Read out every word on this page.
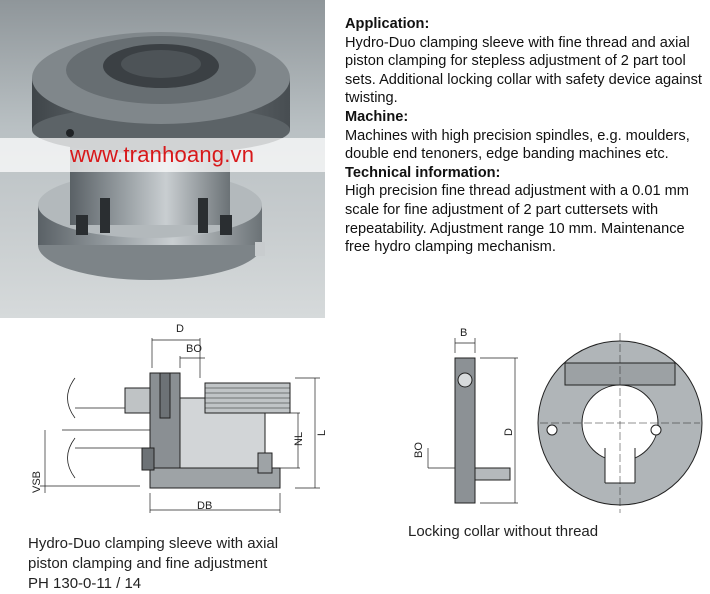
www.tranhoang.vn
Application:
Hydro-Duo clamping sleeve with fine thread and axial piston clamping for stepless adjustment of 2 part tool sets. Additional locking collar with safety device against twisting.
Machine:
Machines with high precision spindles, e.g. moulders, double end tenoners, edge banding machines etc.
Technical information:
High precision fine thread adjustment with a 0.01 mm scale for fine adjustment of 2 part cuttersets with repeatability. Adjustment range 10 mm. Maintenance free hydro clamping mechanism.
D
BO
NL L
VSB
DB
Hydro-Duo clamping sleeve with axial
piston clamping and fine adjustment
PH 130-0-11 / 14
B
D
BO
Locking collar without thread
